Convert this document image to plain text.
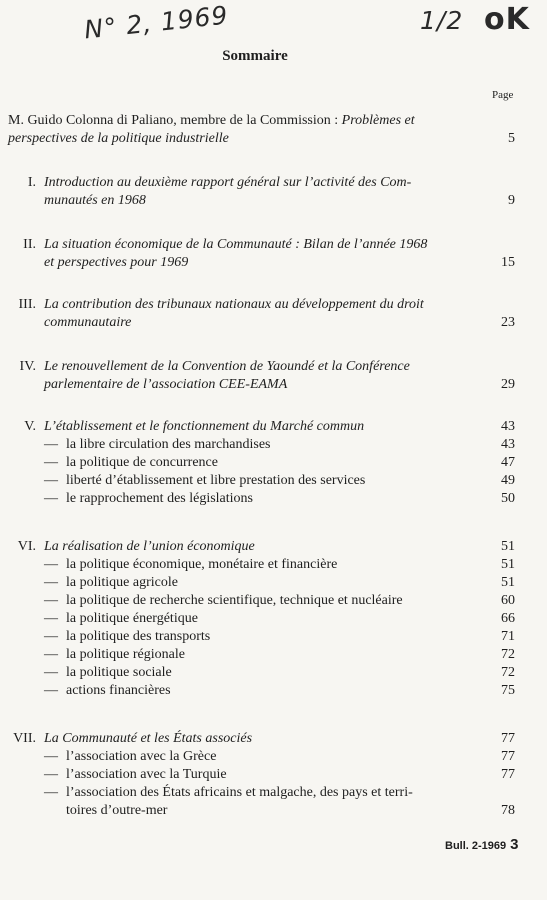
N° 2, 1969	1/2 oK
Sommaire
Page
M. Guido Colonna di Paliano, membre de la Commission : Problèmes et
perspectives de la politique industrielle	5
I. Introduction au deuxième rapport général sur l’activité des Com-
munautés en 1968	9
II. La situation économique de la Communauté : Bilan de l’année 1968
et perspectives pour 1969	15
III. La contribution des tribunaux nationaux au développement du droit
communautaire	23
IV. Le renouvellement de la Convention de Yaoundé et la Conférence
parlementaire de l’association CEE-EAMA	29
V. L’établissement et le fonctionnement du Marché commun	43
— la libre circulation des marchandises	43
— la politique de concurrence	47
— liberté d’établissement et libre prestation des services	49
— le rapprochement des législations	50
VI. La réalisation de l’union économique	51
— la politique économique, monétaire et financière	51
— la politique agricole	51
— la politique de recherche scientifique, technique et nucléaire	60
— la politique énergétique	66
— la politique des transports	71
— la politique régionale	72
— la politique sociale	72
— actions financières	75
VII. La Communauté et les États associés	77
— l’association avec la Grèce	77
— l’association avec la Turquie	77
— l’association des États africains et malgache, des pays et terri-
toires d’outre-mer	78
Bull. 2-1969 3
